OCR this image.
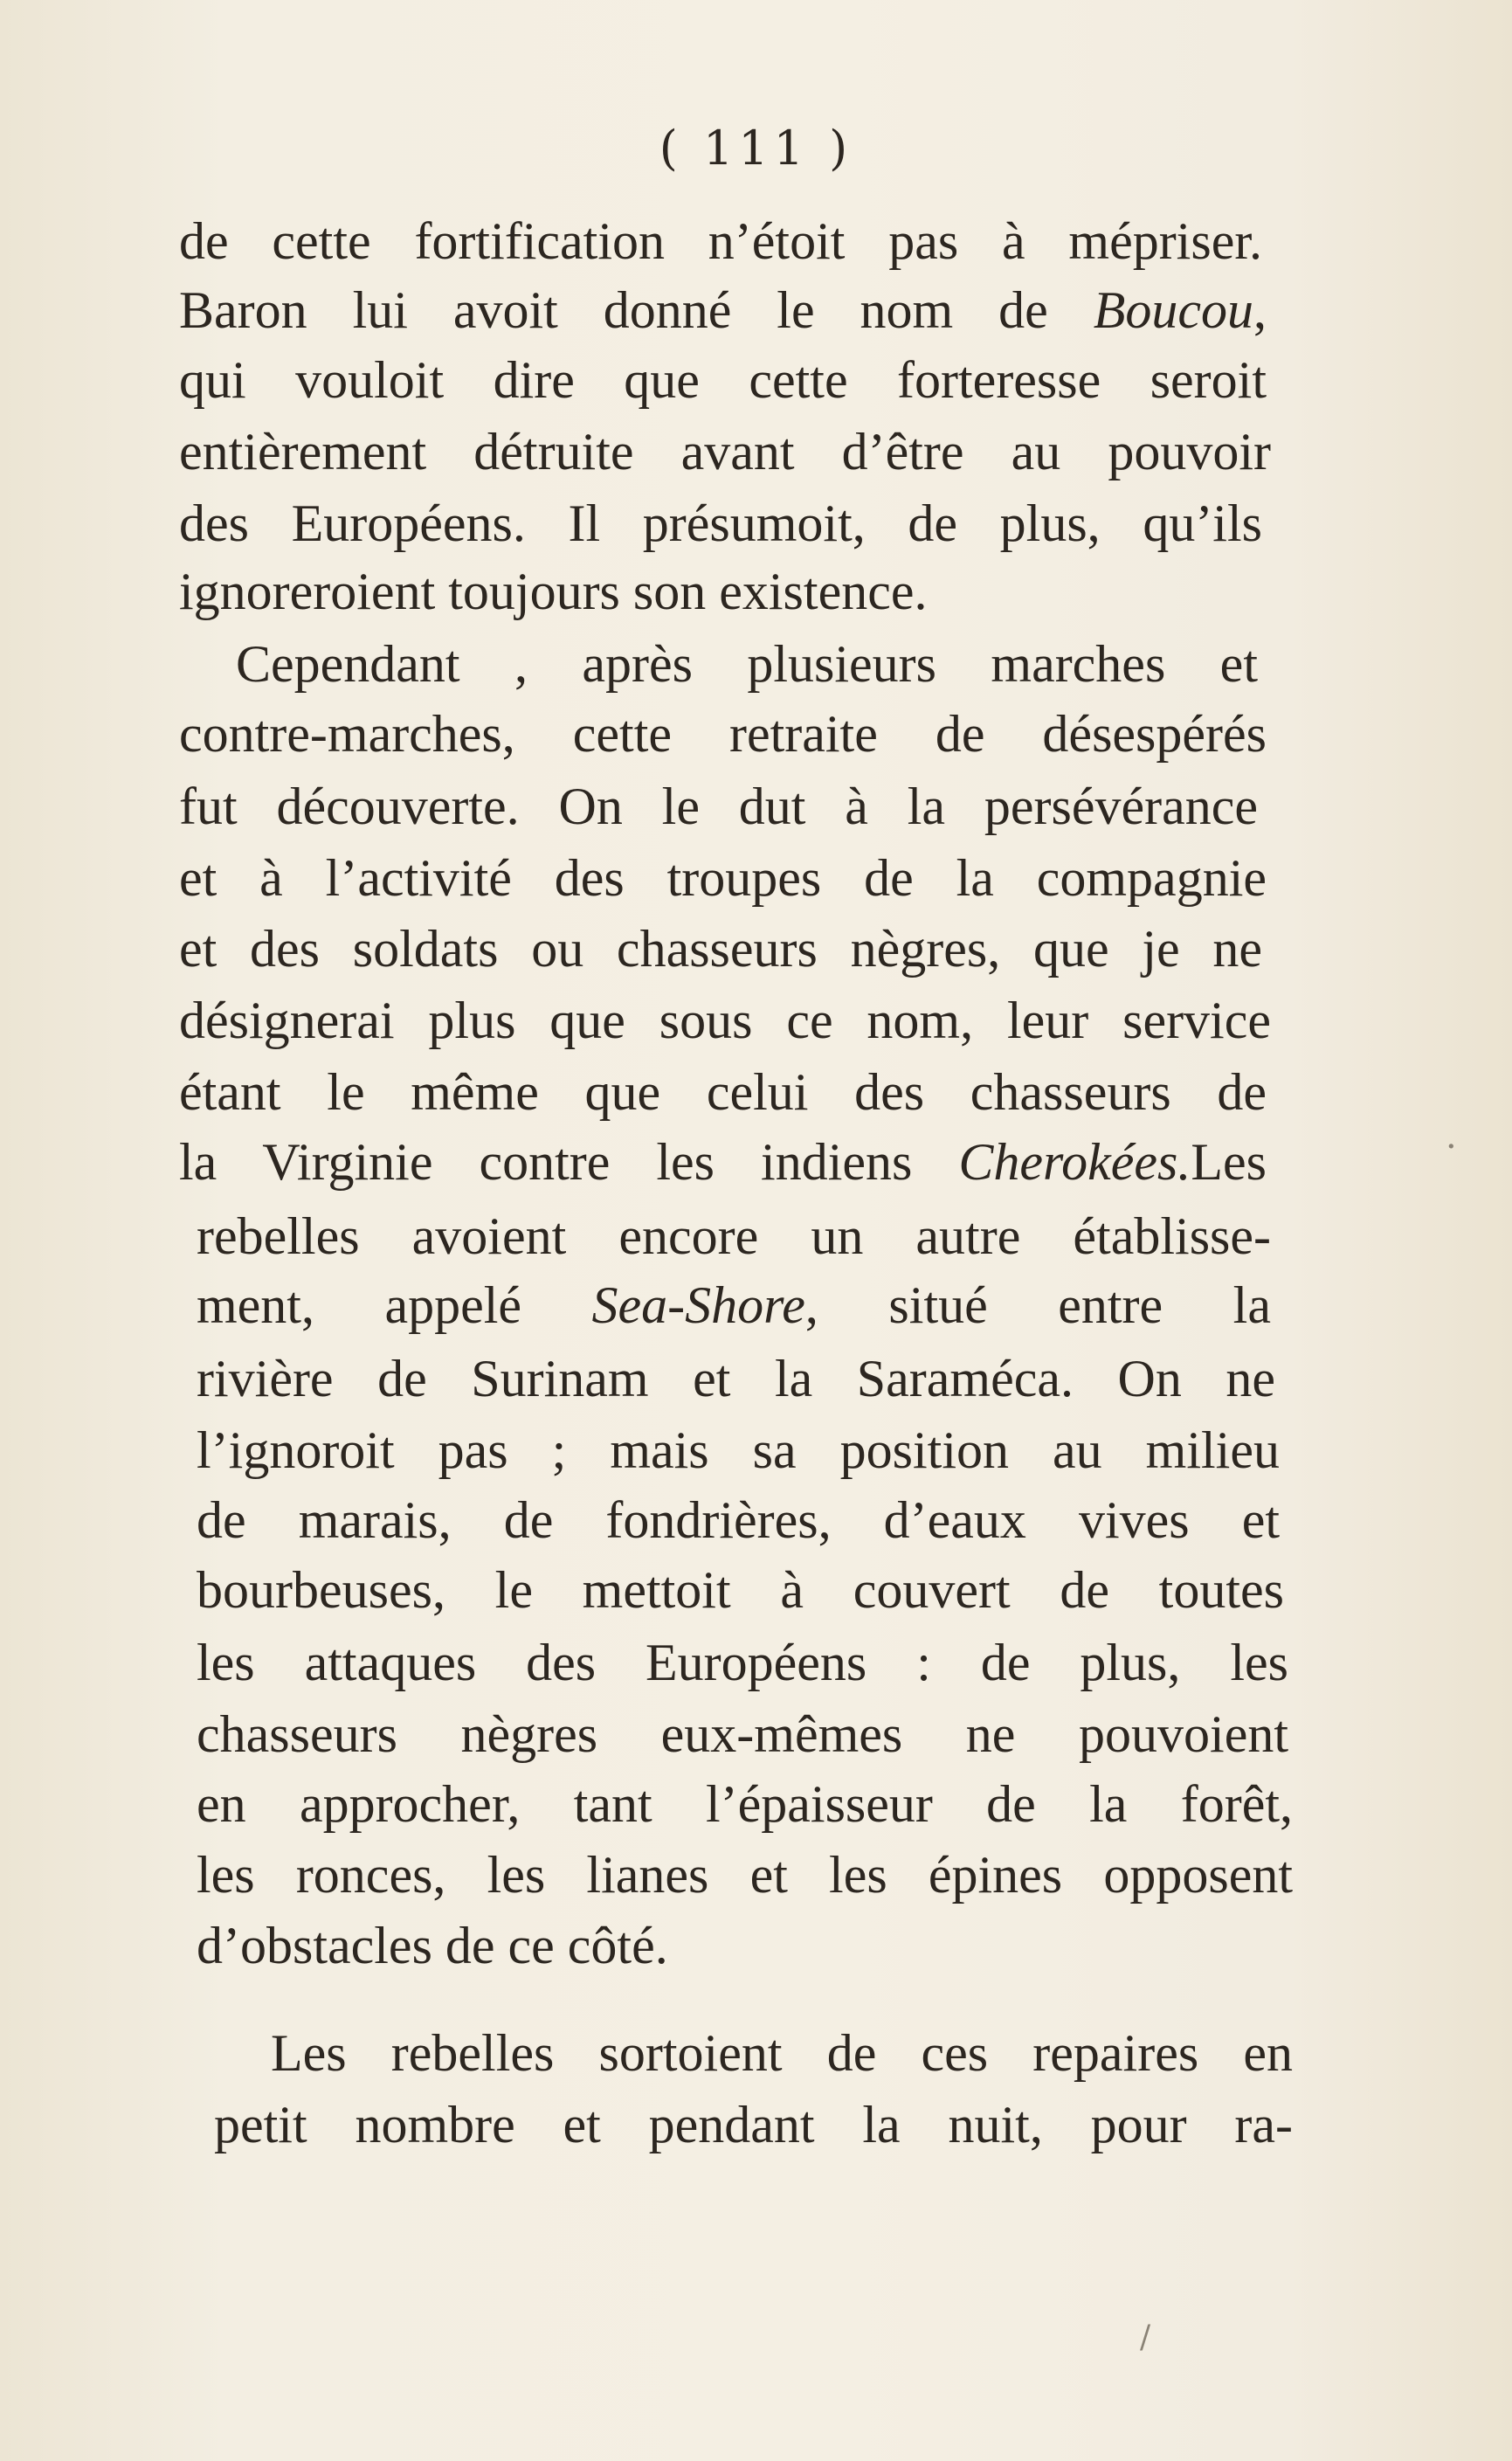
( 111 )
de cette fortification n’étoit pas à mépriser.
Baron lui avoit donné le nom de Boucou,
qui vouloit dire que cette forteresse seroit
entièrement détruite avant d’être au pouvoir
des Européens. Il présumoit, de plus, qu’ils
ignoreroient toujours son existence.
Cependant , après plusieurs marches et
contre-marches, cette retraite de désespérés
fut découverte. On le dut à la persévérance
et à l’activité des troupes de la compagnie
et des soldats ou chasseurs nègres, que je ne
désignerai plus que sous ce nom, leur service
étant le même que celui des chasseurs de
la Virginie contre les indiens Cherokées.Les
rebelles avoient encore un autre établisse-
ment, appelé Sea-Shore, situé entre la
rivière de Surinam et la Saraméca. On ne
l’ignoroit pas ; mais sa position au milieu
de marais, de fondrières, d’eaux vives et
bourbeuses, le mettoit à couvert de toutes
les attaques des Européens : de plus, les
chasseurs nègres eux-mêmes ne pouvoient
en approcher, tant l’épaisseur de la forêt,
les ronces, les lianes et les épines opposent
d’obstacles de ce côté.
Les rebelles sortoient de ces repaires en
petit nombre et pendant la nuit, pour ra-
·
/
